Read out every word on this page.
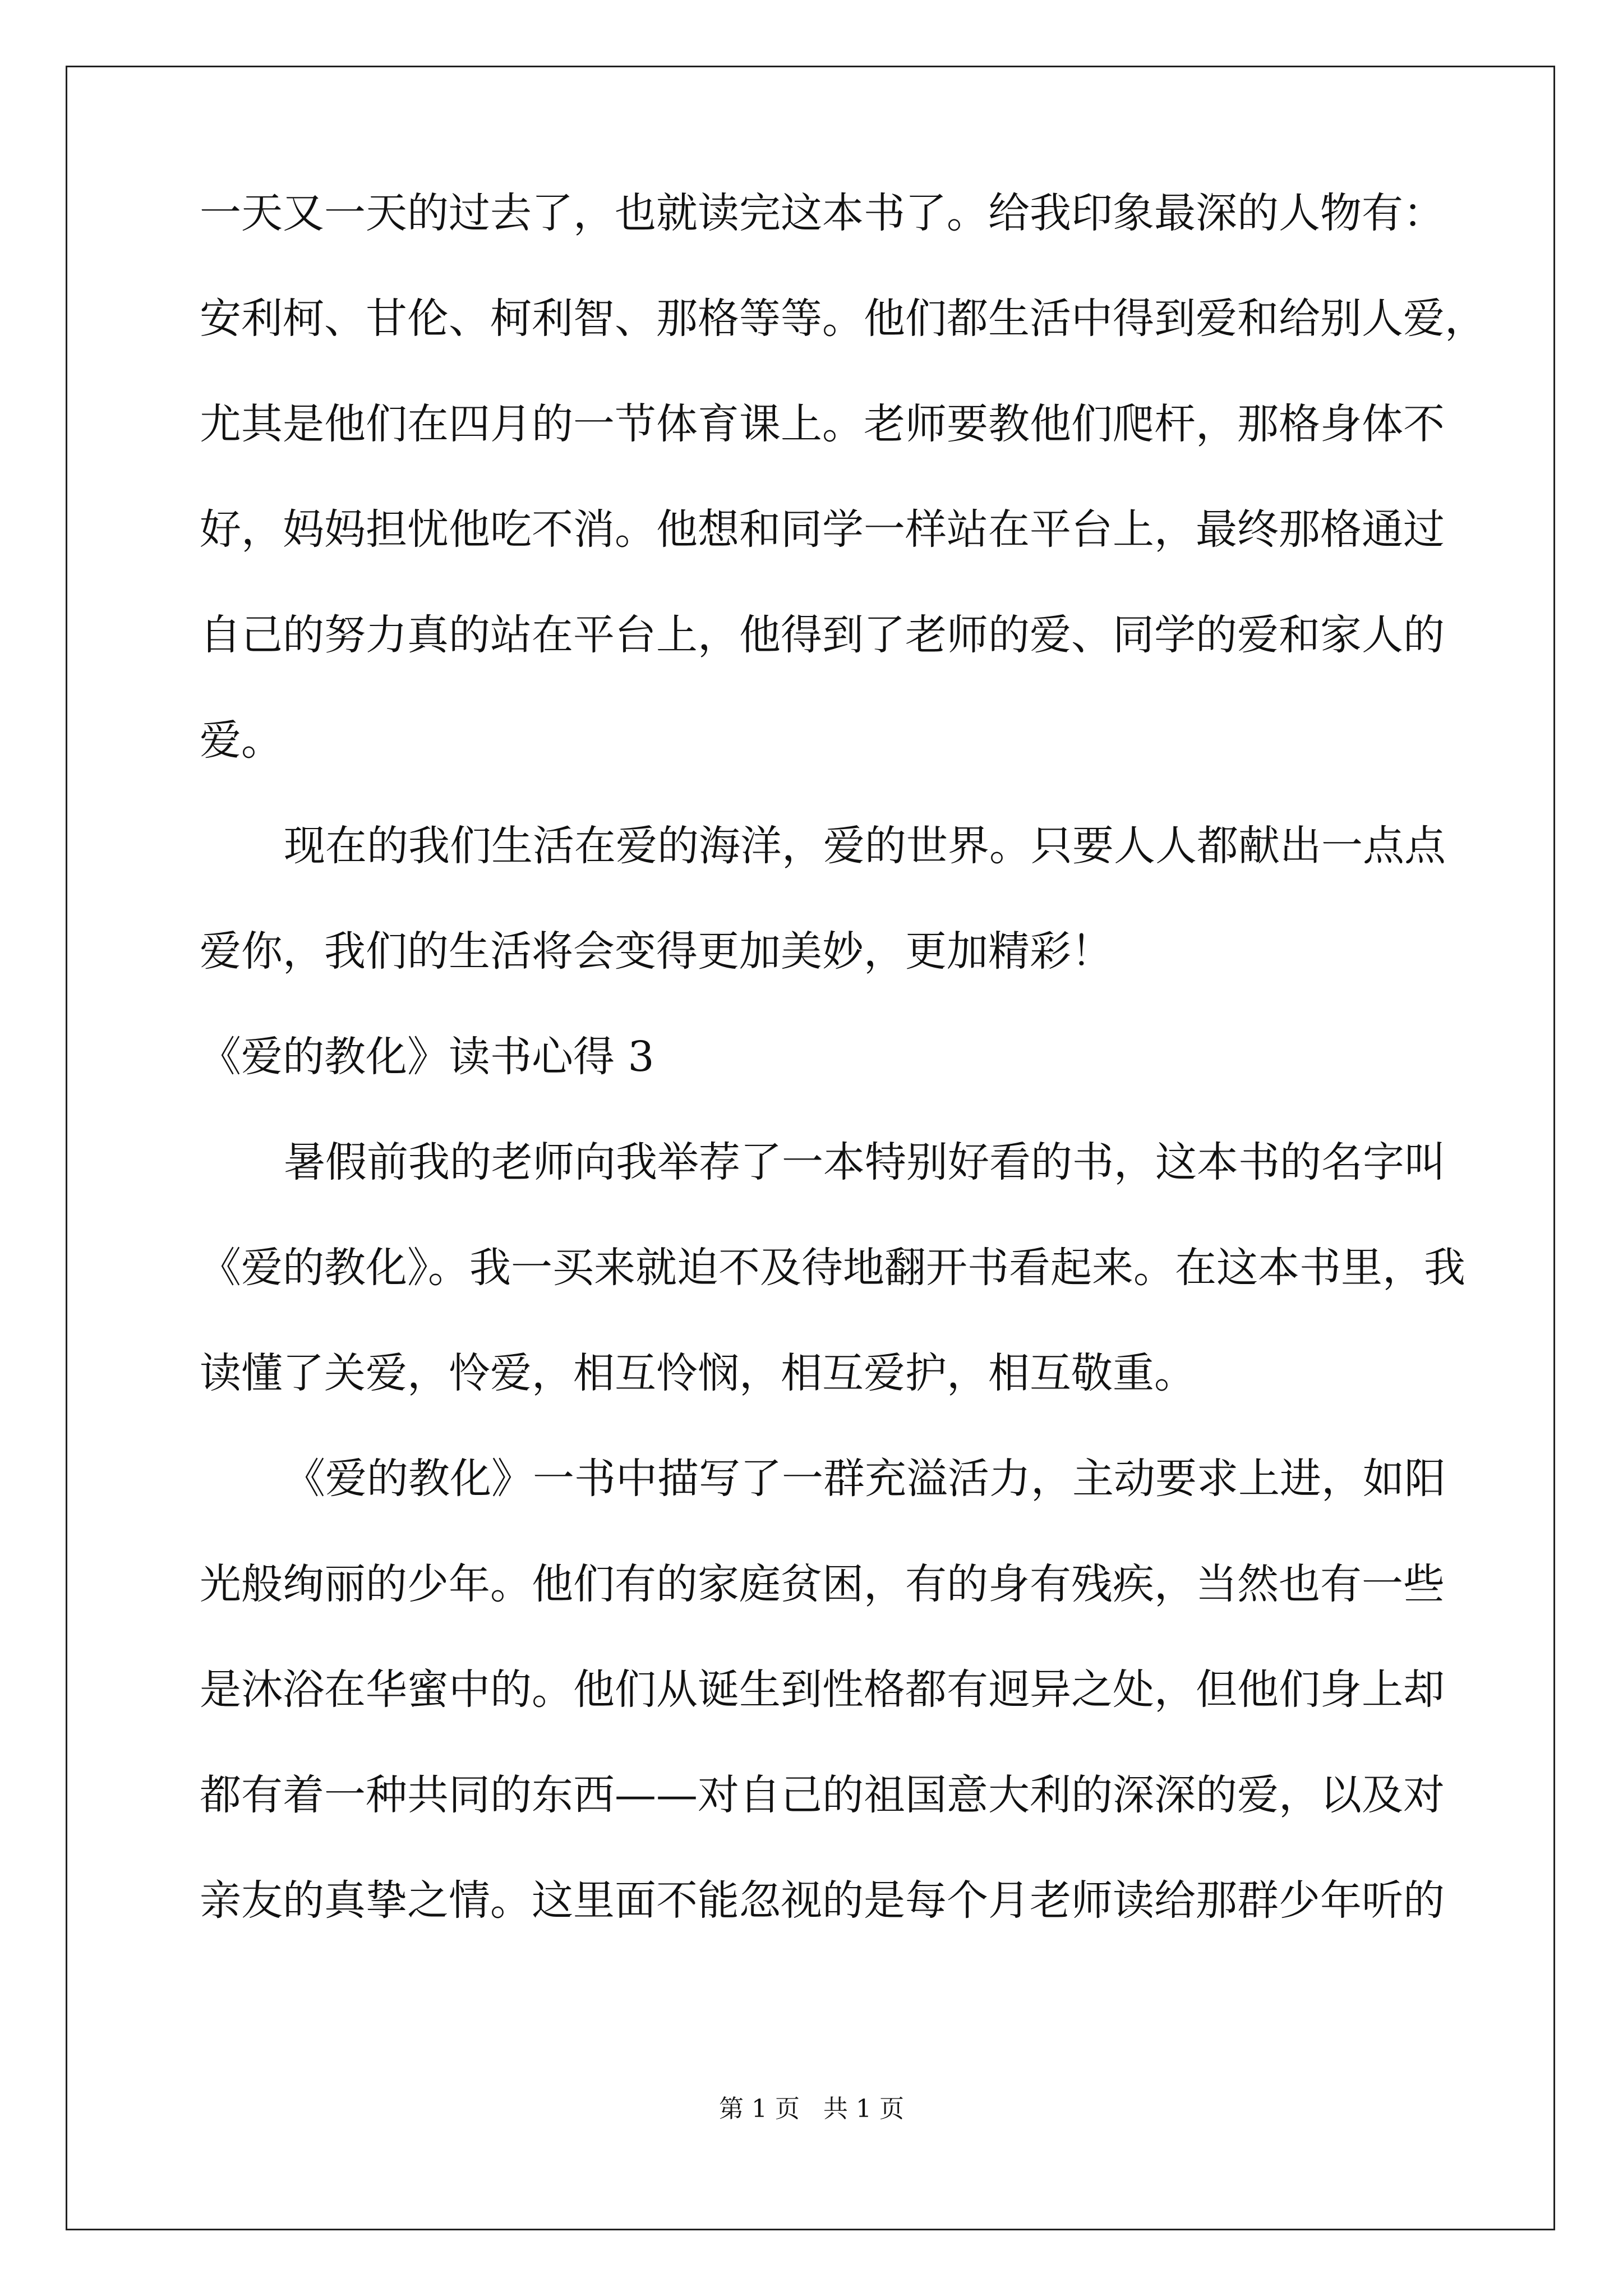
一天又一天的过去了，也就读完这本书了。给我印象最深的人物有：
安利柯、甘伦、柯利智、那格等等。他们都生活中得到爱和给别人爱，
尤其是他们在四月的一节体育课上。老师要教他们爬杆，那格身体不
好，妈妈担忧他吃不消。他想和同学一样站在平台上，最终那格通过
自己的努力真的站在平台上，他得到了老师的爱、同学的爱和家人的
爱。
现在的我们生活在爱的海洋，爱的世界。只要人人都献出一点点
爱你，我们的生活将会变得更加美妙，更加精彩！
《爱的教化》读书心得 3
暑假前我的老师向我举荐了一本特别好看的书，这本书的名字叫
《爱的教化》。我一买来就迫不及待地翻开书看起来。在这本书里，我
读懂了关爱，怜爱，相互怜悯，相互爱护，相互敬重。
《爱的教化》一书中描写了一群充溢活力，主动要求上进，如阳
光般绚丽的少年。他们有的家庭贫困，有的身有残疾，当然也有一些
是沐浴在华蜜中的。他们从诞生到性格都有迥异之处，但他们身上却
都有着一种共同的东西——对自己的祖国意大利的深深的爱，以及对
亲友的真挚之情。这里面不能忽视的是每个月老师读给那群少年听的
第 1 页 共 1 页
